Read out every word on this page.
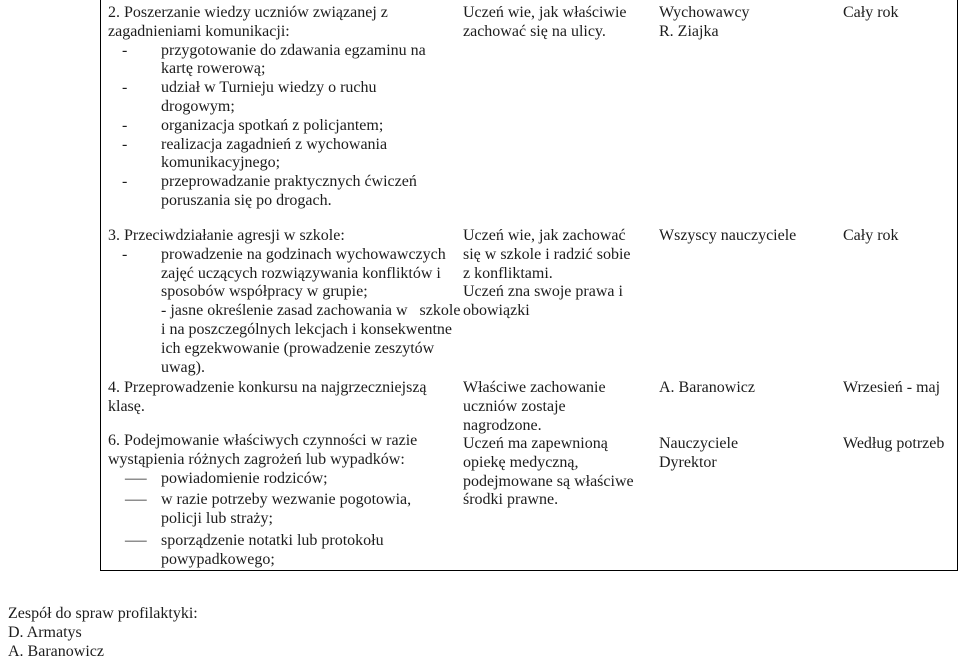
2. Poszerzanie wiedzy uczniów związanej z
zagadnieniami komunikacji:
- przygotowanie do zdawania egzaminu na
kartę rowerową;
- udział w Turnieju wiedzy o ruchu
drogowym;
- organizacja spotkań z policjantem;
- realizacja zagadnień z wychowania
komunikacyjnego;
- przeprowadzanie praktycznych ćwiczeń
poruszania się po drogach.
Uczeń wie, jak właściwie
zachować się na ulicy.
Wychowawcy
R. Ziajka
Cały rok
3. Przeciwdziałanie agresji w szkole:
- prowadzenie na godzinach wychowawczych
zajęć uczących rozwiązywania konfliktów i
sposobów współpracy w grupie;
- jasne określenie zasad zachowania w   szkole
i na poszczególnych lekcjach i konsekwentne
ich egzekwowanie (prowadzenie zeszytów
uwag).
Uczeń wie, jak zachować
się w szkole i radzić sobie
z konfliktami.
Uczeń zna swoje prawa i
obowiązki
Wszyscy nauczyciele	Cały rok
4. Przeprowadzenie konkursu na najgrzeczniejszą
klasę.
Właściwe zachowanie
uczniów zostaje
nagrodzone.
A. Baranowicz	Wrzesień - maj
6. Podejmowanie właściwych czynności w razie
wystąpienia różnych zagrożeń lub wypadków:
— powiadomienie rodziców;
— w razie potrzeby wezwanie pogotowia,
policji lub straży;
— sporządzenie notatki lub protokołu
powypadkowego;
Uczeń ma zapewnioną
opiekę medyczną,
podejmowane są właściwe
środki prawne.
Nauczyciele
Dyrektor
Według potrzeb
Zespół do spraw profilaktyki:
D. Armatys
A. Baranowicz
